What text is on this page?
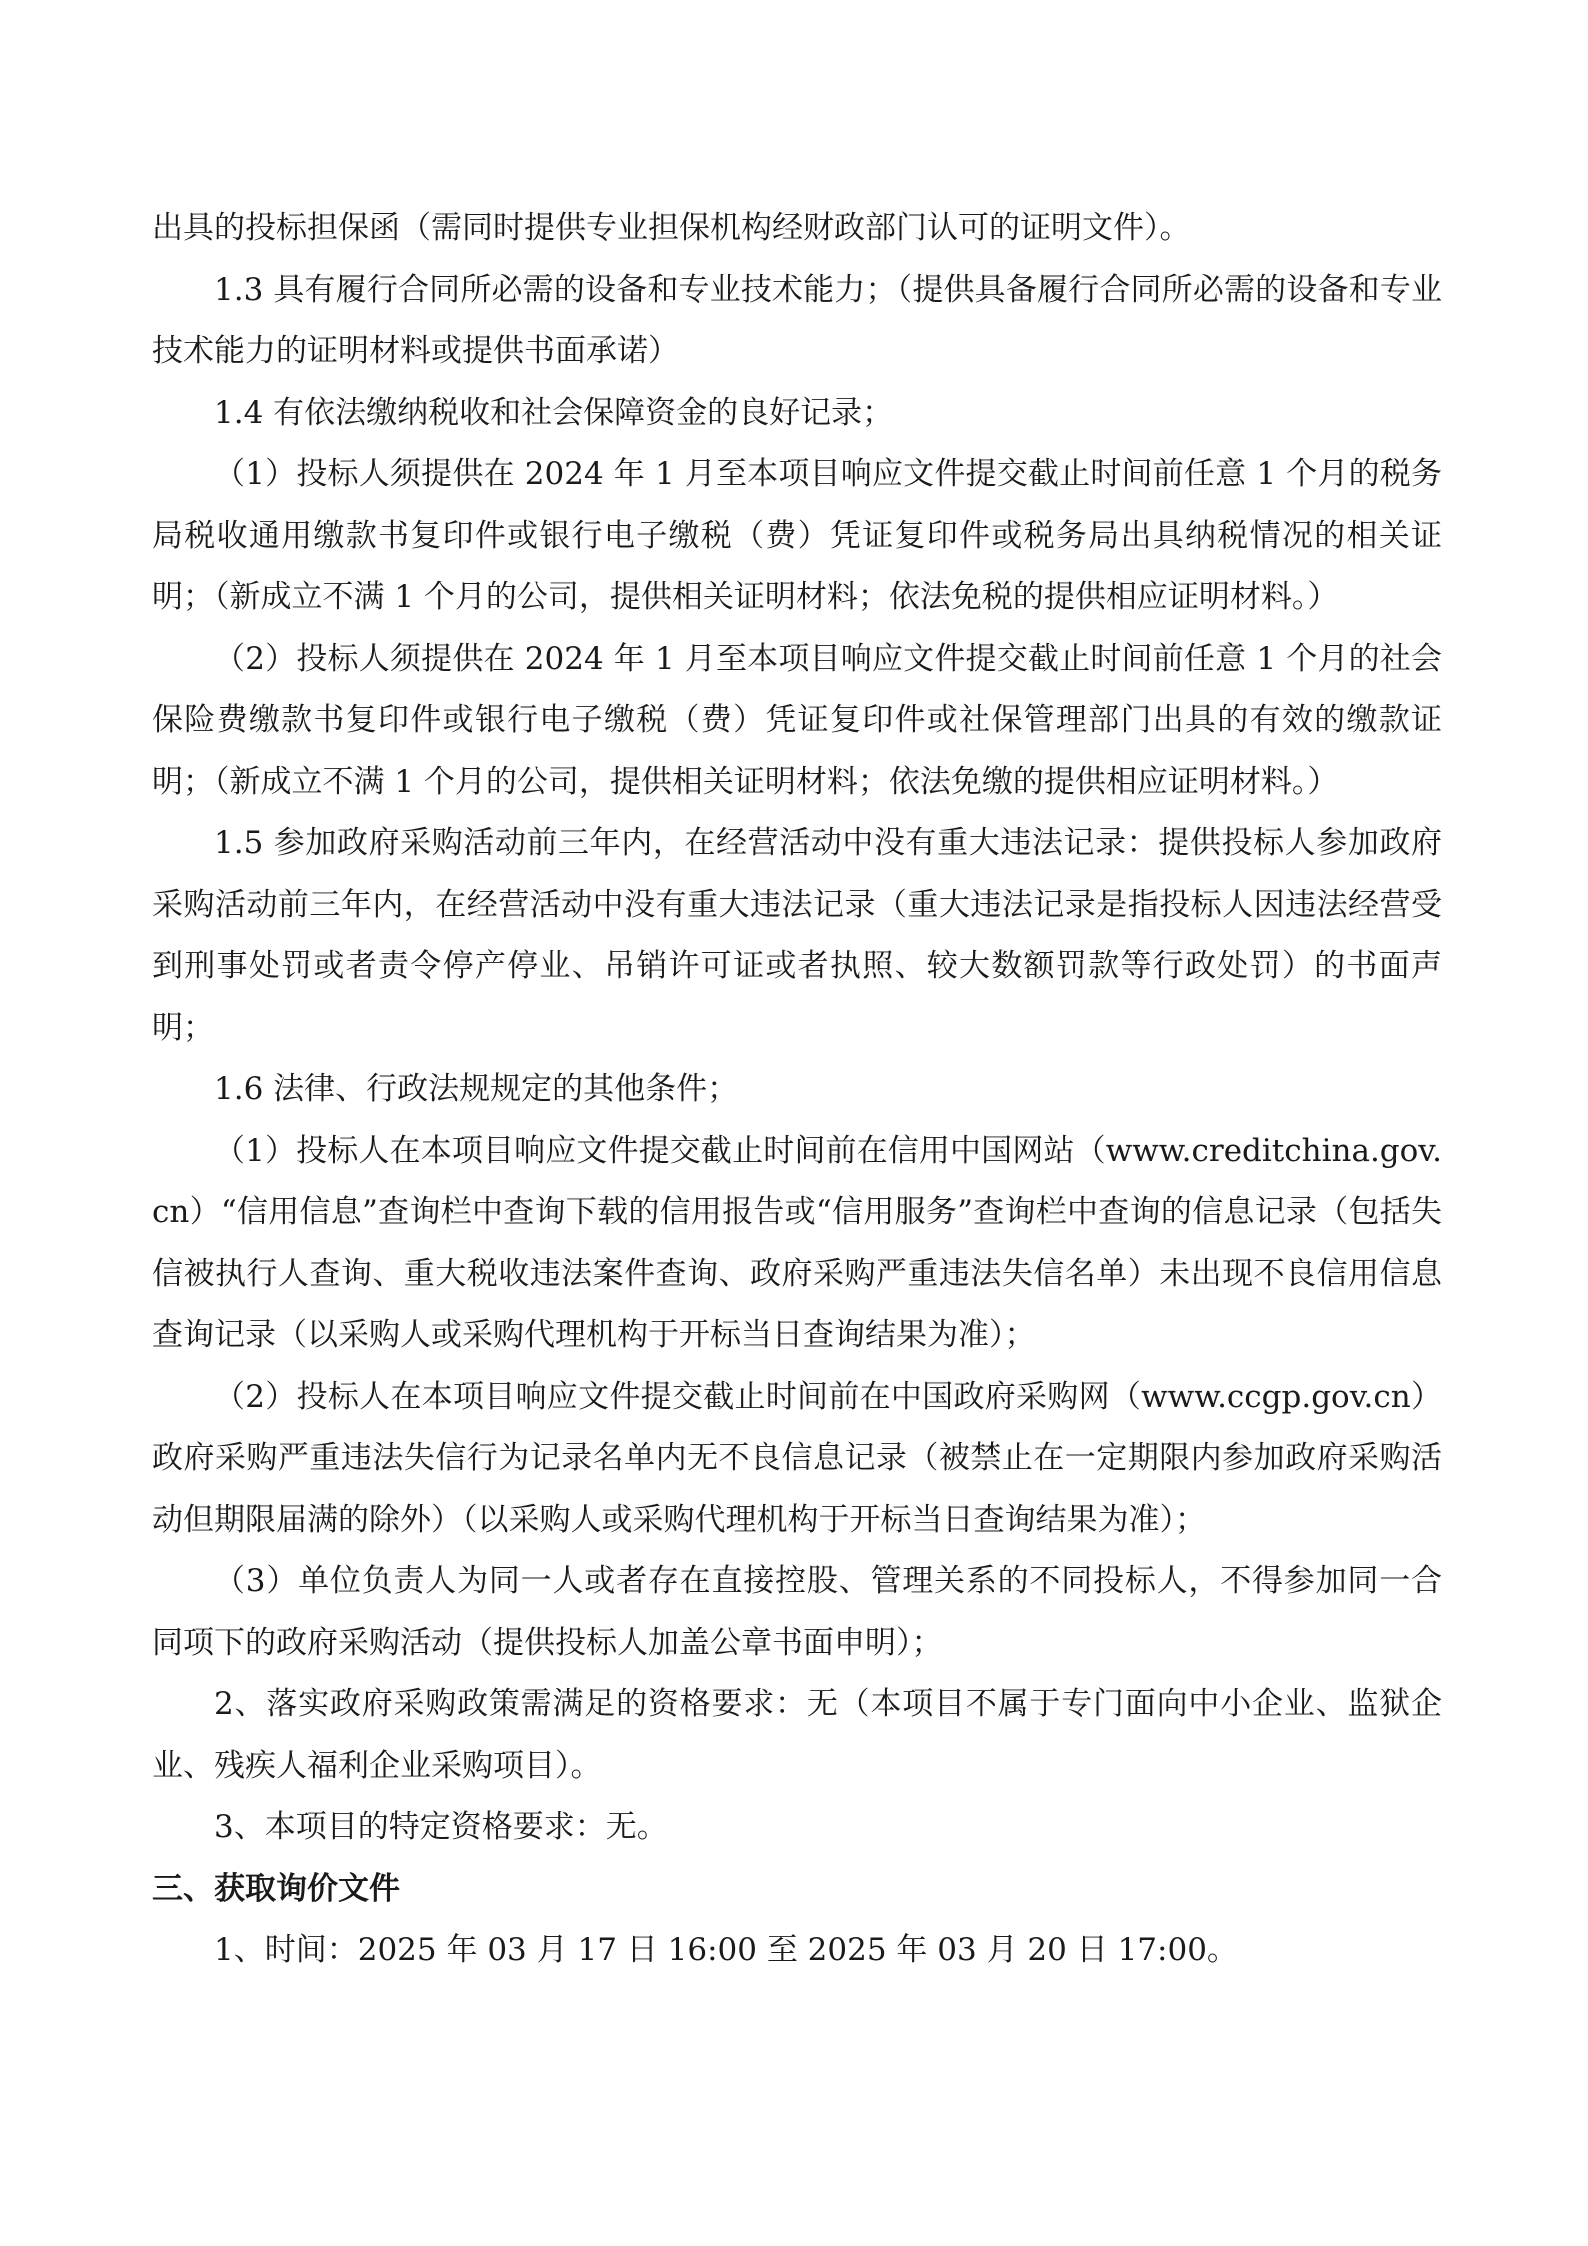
出具的投标担保函（需同时提供专业担保机构经财政部门认可的证明文件）。

1.3 具有履行合同所必需的设备和专业技术能力；（提供具备履行合同所必需的设备和专业技术能力的证明材料或提供书面承诺）

1.4 有依法缴纳税收和社会保障资金的良好记录；

（1）投标人须提供在 2024 年 1 月至本项目响应文件提交截止时间前任意 1 个月的税务局税收通用缴款书复印件或银行电子缴税（费）凭证复印件或税务局出具纳税情况的相关证明；（新成立不满 1 个月的公司，提供相关证明材料；依法免税的提供相应证明材料。）

（2）投标人须提供在 2024 年 1 月至本项目响应文件提交截止时间前任意 1 个月的社会保险费缴款书复印件或银行电子缴税（费）凭证复印件或社保管理部门出具的有效的缴款证明；（新成立不满 1 个月的公司，提供相关证明材料；依法免缴的提供相应证明材料。）

1.5 参加政府采购活动前三年内，在经营活动中没有重大违法记录：提供投标人参加政府采购活动前三年内，在经营活动中没有重大违法记录（重大违法记录是指投标人因违法经营受到刑事处罚或者责令停产停业、吊销许可证或者执照、较大数额罚款等行政处罚）的书面声明；

1.6 法律、行政法规规定的其他条件；

（1）投标人在本项目响应文件提交截止时间前在信用中国网站（www.creditchina.gov.cn）“信用信息”查询栏中查询下载的信用报告或“信用服务”查询栏中查询的信息记录（包括失信被执行人查询、重大税收违法案件查询、政府采购严重违法失信名单）未出现不良信用信息查询记录（以采购人或采购代理机构于开标当日查询结果为准）；

（2）投标人在本项目响应文件提交截止时间前在中国政府采购网（www.ccgp.gov.cn）政府采购严重违法失信行为记录名单内无不良信息记录（被禁止在一定期限内参加政府采购活动但期限届满的除外）（以采购人或采购代理机构于开标当日查询结果为准）；

（3）单位负责人为同一人或者存在直接控股、管理关系的不同投标人，不得参加同一合同项下的政府采购活动（提供投标人加盖公章书面申明）；

2、落实政府采购政策需满足的资格要求：无（本项目不属于专门面向中小企业、监狱企业、残疾人福利企业采购项目）。

3、本项目的特定资格要求：无。

三、获取询价文件

1、时间：2025 年 03 月 17 日 16:00 至 2025 年 03 月 20 日 17:00。
